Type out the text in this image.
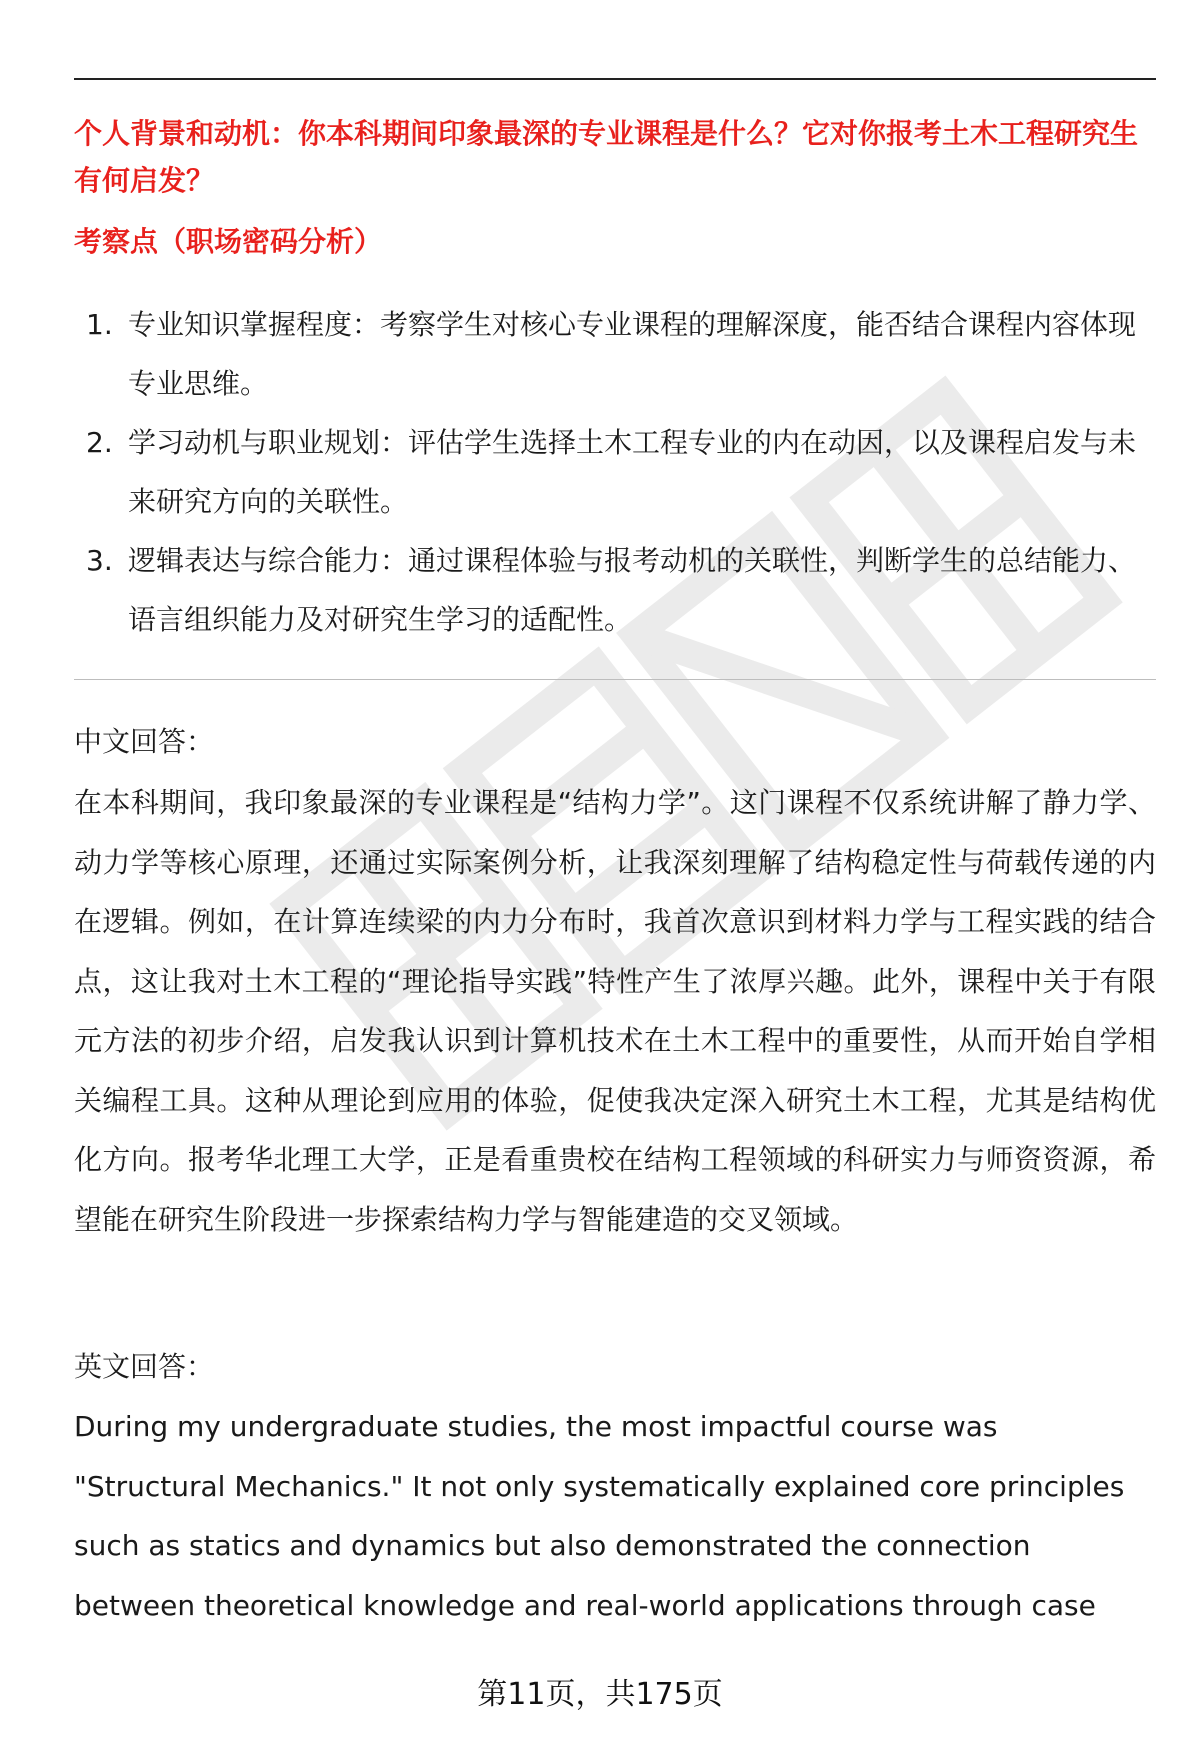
个人背景和动机：你本科期间印象最深的专业课程是什么？它对你报考土木工程研究生有何启发？
考察点（职场密码分析）
1. 专业知识掌握程度：考察学生对核心专业课程的理解深度，能否结合课程内容体现专业思维。
2. 学习动机与职业规划：评估学生选择土木工程专业的内在动因，以及课程启发与未来研究方向的关联性。
3. 逻辑表达与综合能力：通过课程体验与报考动机的关联性，判断学生的总结能力、语言组织能力及对研究生学习的适配性。
中文回答：
在本科期间，我印象最深的专业课程是“结构力学”。这门课程不仅系统讲解了静力学、动力学等核心原理，还通过实际案例分析，让我深刻理解了结构稳定性与荷载传递的内在逻辑。例如，在计算连续梁的内力分布时，我首次意识到材料力学与工程实践的结合点，这让我对土木工程的“理论指导实践”特性产生了浓厚兴趣。此外，课程中关于有限元方法的初步介绍，启发我认识到计算机技术在土木工程中的重要性，从而开始自学相关编程工具。这种从理论到应用的体验，促使我决定深入研究土木工程，尤其是结构优化方向。报考华北理工大学，正是看重贵校在结构工程领域的科研实力与师资资源，希望能在研究生阶段进一步探索结构力学与智能建造的交叉领域。
英文回答：
During my undergraduate studies, the most impactful course was "Structural Mechanics." It not only systematically explained core principles such as statics and dynamics but also demonstrated the connection between theoretical knowledge and real-world applications through case
第11页，共175页
